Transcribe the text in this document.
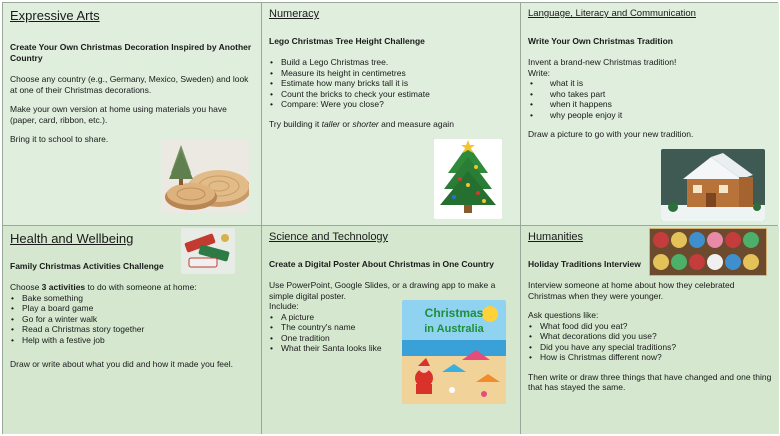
Expressive Arts
Create Your Own Christmas Decoration Inspired by Another Country

Choose any country (e.g., Germany, Mexico, Sweden) and look at one of their Christmas decorations.

Make your own version at home using materials you have (paper, card, ribbon, etc.).

Bring it to school to share.

Numeracy
Lego Christmas Tree Height Challenge
• Build a Lego Christmas tree.
• Measure its height in centimetres
• Estimate how many bricks tall it is
• Count the bricks to check your estimate
• Compare: Were you close?

Try building it taller or shorter and measure again

Language, Literacy and Communication
Write Your Own Christmas Tradition

Invent a brand-new Christmas tradition!

Write:

• what it is
• who takes part
• when it happens
• why people enjoy it

Draw a picture to go with your new tradition.

Health and Wellbeing
Family Christmas Activities Challenge

Choose 3 activities to do with someone at home:

• Bake something
• Play a board game
• Go for a winter walk
• Read a Christmas story together
• Help with a festive job

Draw or write about what you did and how it made you feel.

Science and Technology
Create a Digital Poster About Christmas in One Country

Use PowerPoint, Google Slides, or a drawing app to make a simple digital poster.

Include:

• A picture
• The country's name
• One tradition
• What their Santa looks like
Christmas
in Australia
Humanities
Holiday Traditions Interview

Interview someone at home about how they celebrated Christmas when they were younger.

Ask questions like:

• What food did you eat?
• What decorations did you use?
• Did you have any special traditions?
• How is Christmas different now?

Then write or draw three things that have changed and one thing that has stayed the same.
